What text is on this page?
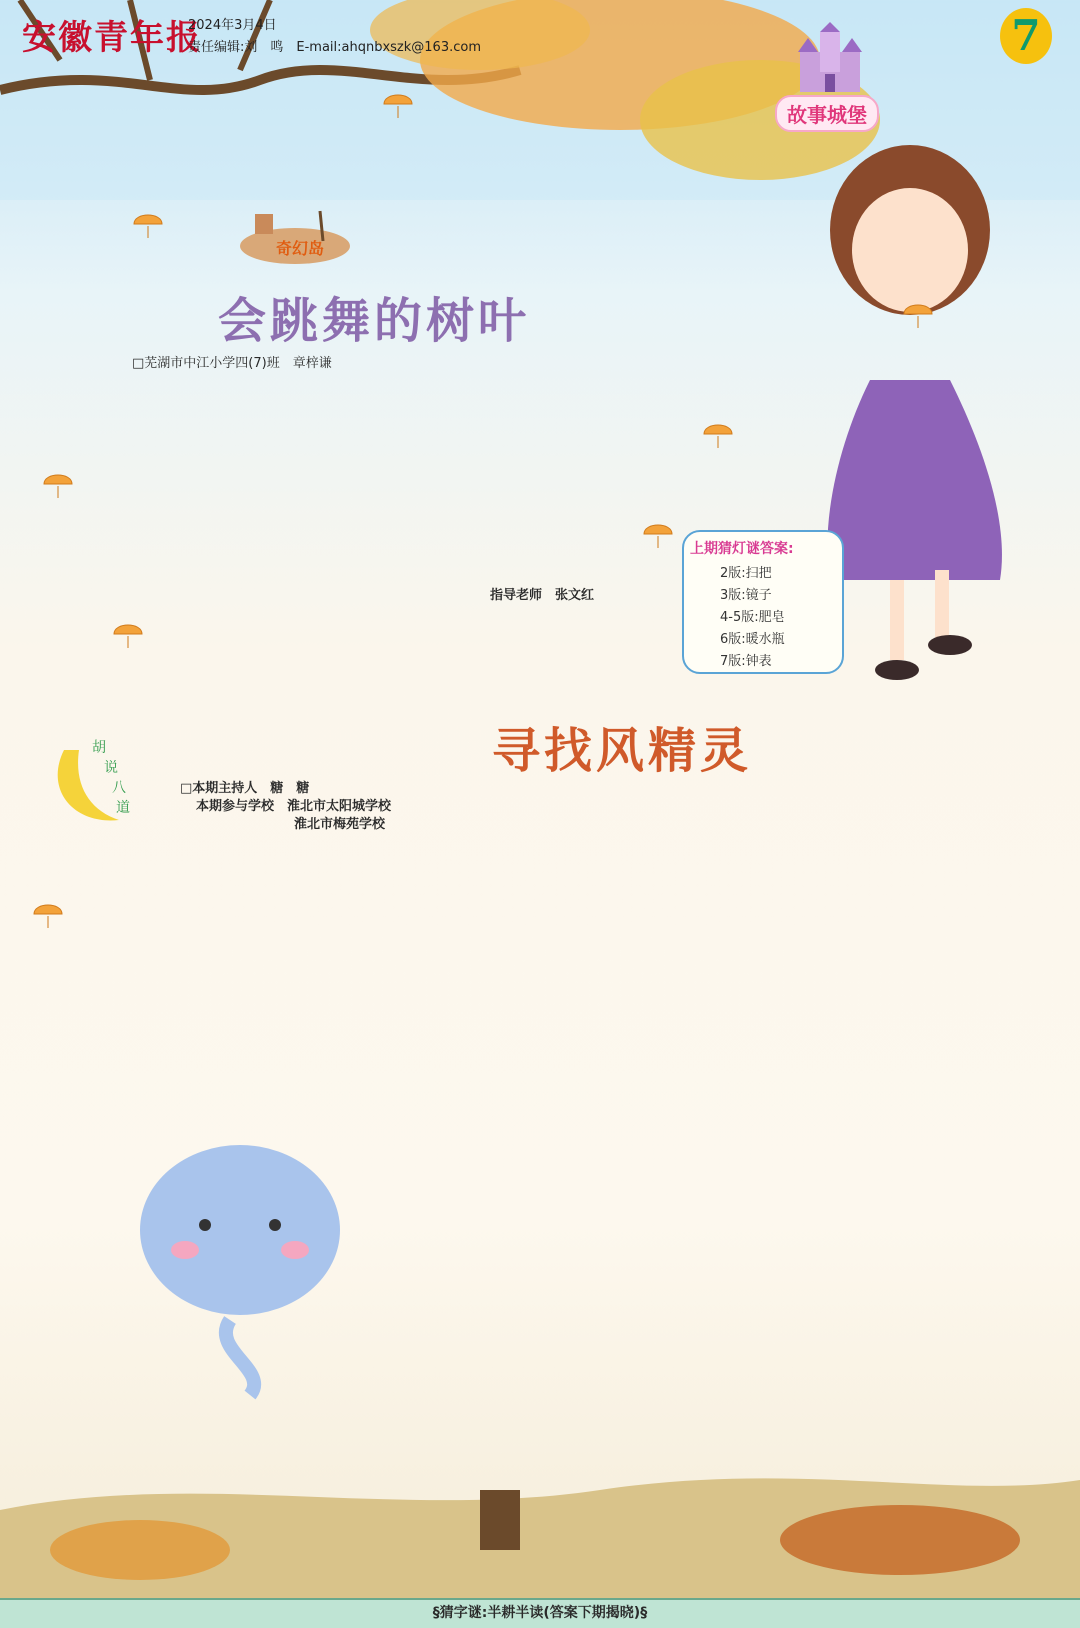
安徽青年报
2024年3月4日
责任编辑:刘　鸣　E-mail:ahqnbxszk@163.com	7
故事城堡
奇幻岛
会跳舞的树叶
□芜湖市中江小学四(7)班　章梓谦
指导老师　张文红
上期猜灯谜答案:
2版:扫把
3版:镜子
4-5版:肥皂
6版:暖水瓶
7版:钟表
胡
说
八
道
寻找风精灵
□本期主持人　糖　糖
本期参与学校　淮北市太阳城学校
淮北市梅苑学校
§猜字谜:半耕半读(答案下期揭晓)§
